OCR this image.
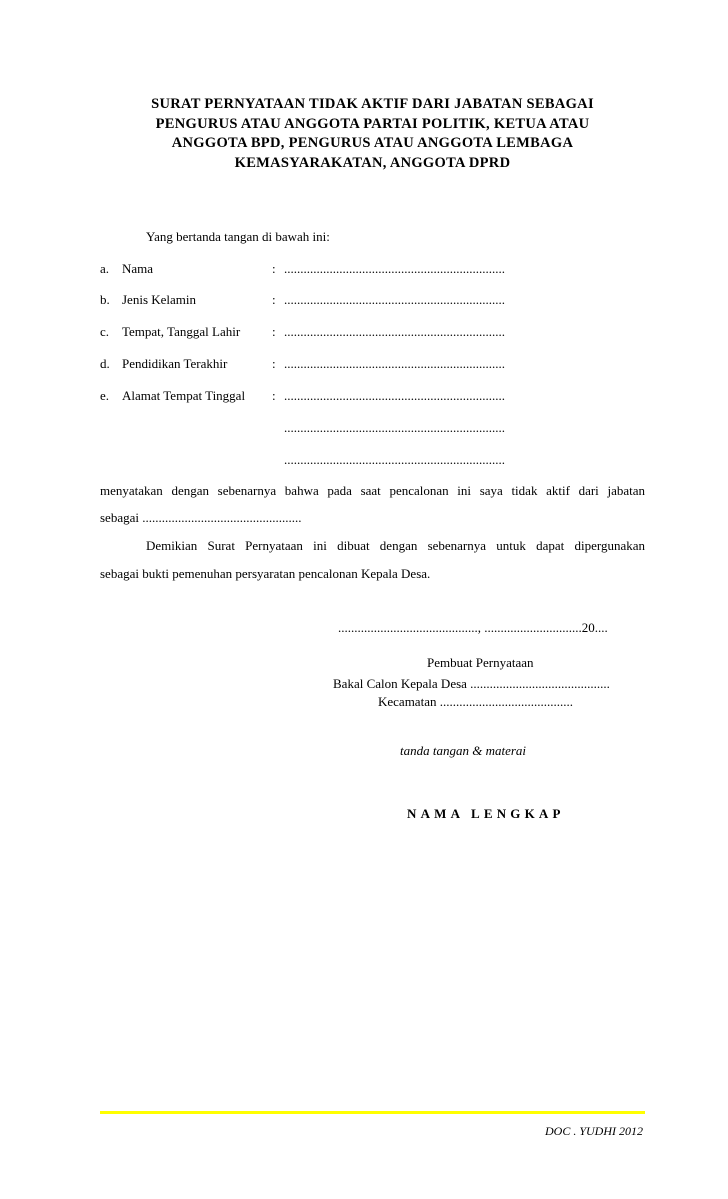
SURAT PERNYATAAN TIDAK AKTIF DARI JABATAN SEBAGAI
PENGURUS ATAU ANGGOTA PARTAI POLITIK, KETUA ATAU
ANGGOTA BPD, PENGURUS ATAU ANGGOTA LEMBAGA
KEMASYARAKATAN, ANGGOTA DPRD
Yang bertanda tangan di bawah ini:
a. Nama	: ....................................................................
b. Jenis Kelamin	: ....................................................................
c. Tempat, Tanggal Lahir : ....................................................................
d. Pendidikan Terakhir	: ....................................................................
e. Alamat Tempat Tinggal : ....................................................................
....................................................................
....................................................................
menyatakan dengan sebenarnya bahwa pada saat pencalonan ini saya tidak aktif dari jabatan
sebagai .................................................
Demikian Surat Pernyataan ini dibuat dengan sebenarnya untuk dapat dipergunakan
sebagai bukti pemenuhan persyaratan pencalonan Kepala Desa.
..........................................., ..............................20....
Pembuat Pernyataan
Bakal Calon Kepala Desa ...........................................
Kecamatan .........................................
tanda tangan & materai
NAMA LENGKAP
DOC . YUDHI 2012
